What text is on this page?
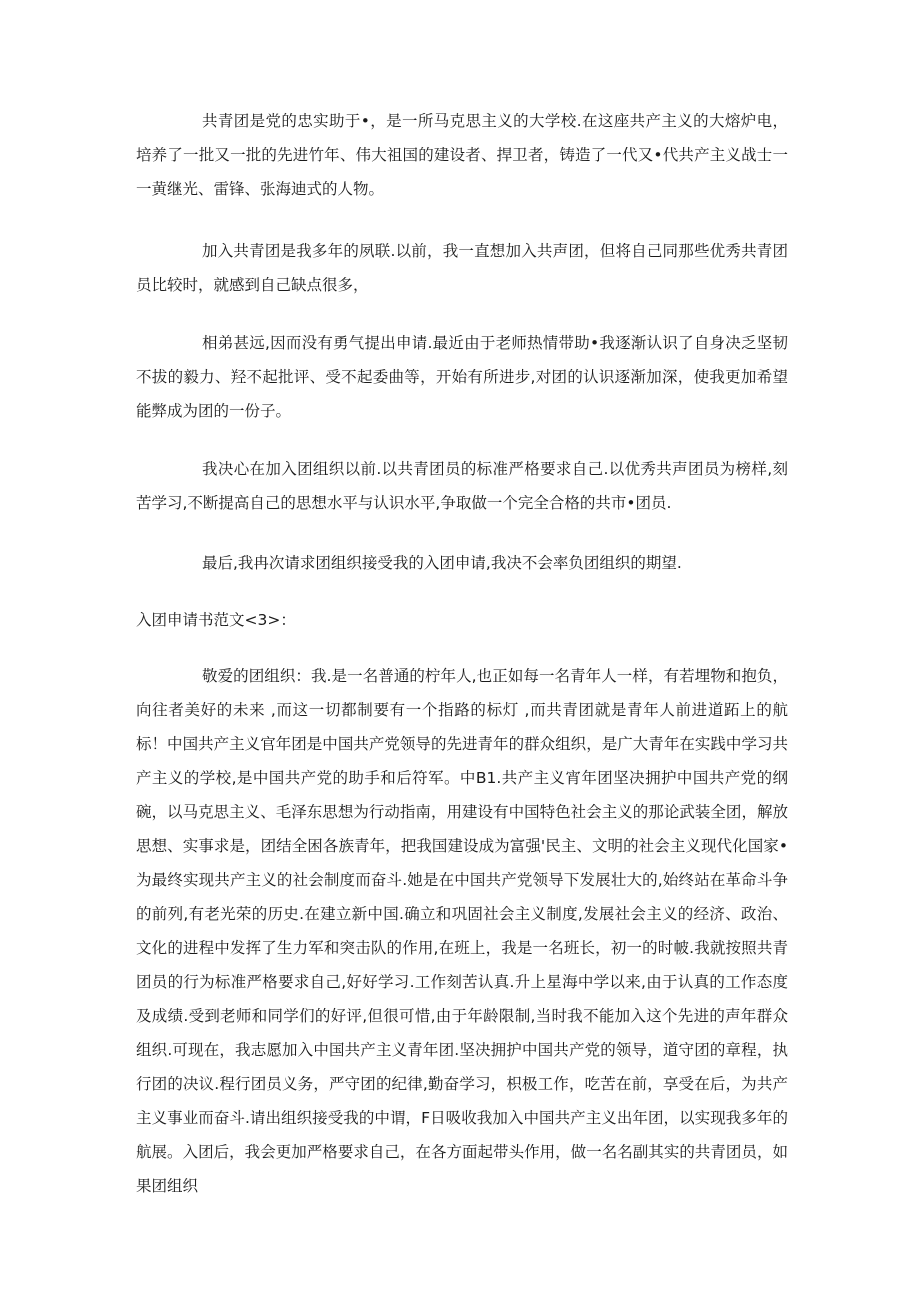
共青团是党的忠实助于•，是一所马克思主义的大学校.在这座共产主义的大熔炉电，培养了一批又一批的先进竹年、伟大祖国的建设者、捍卫者，铸造了一代又•代共产主义战士一一黄继光、雷锋、张海迪式的人物。

加入共青团是我多年的夙联.以前，我一直想加入共声团，但将自己同那些优秀共青团员比较时，就感到自己缺点很多，

相弟甚远,因而没有勇气提出申请.最近由于老师热情带助•我逐渐认识了自身决乏坚韧不拔的毅力、羟不起批评、受不起委曲等，开始有所进步,对团的认识逐渐加深，使我更加希望能弊成为团的一份子。

我决心在加入团组织以前.以共青团员的标准严格要求自己.以优秀共声团员为榜样,刻苦学习,不断提高自己的思想水平与认识水平,争取做一个完全合格的共市•团员.

最后,我冉次请求团组织接受我的入团申请,我决不会率负团组织的期望.

入团申请书范文<3>：

敬爱的团组织：我.是一名普通的柠年人,也正如每一名青年人一样，有若埋物和抱负，向往者美好的未来 ,而这一切都制要有一个指路的标灯 ,而共青团就是青年人前进道跖上的航标！中国共产主义官年团是中国共产党领导的先进青年的群众组织，是广大青年在实践中学习共产主义的学校,是中国共产党的助手和后符军。中B1.共产主义宵年团坚决拥护中国共产党的纲碗，以马克思主义、毛泽东思想为行动指南，用建设有中国特色社会主义的那论武装全团，解放思想、实事求是，团结全困各族青年，把我国建设成为富强'民主、文明的社会主义现代化国家•为最终实现共产主义的社会制度而奋斗.她是在中国共产党领导下发展壮大的,始终站在革命斗争的前列,有老光荣的历史.在建立新中国.确立和巩固社会主义制度,发展社会主义的经济、政治、文化的进程中发挥了生力军和突击队的作用,在班上，我是一名班长，初一的时帔.我就按照共青团员的行为标准严格要求自己,好好学习.工作刻苦认真.升上星海中学以来,由于认真的工作态度及成绩.受到老师和同学们的好评,但很可惜,由于年龄限制,当时我不能加入这个先进的声年群众组织.可现在，我志愿加入中国共产主义青年团.坚决拥护中国共产党的领导，道守团的章程，执行团的决议.程行团员义务，严守团的纪律,勤奋学习，枳极工作，吃苦在前，享受在后，为共产主义事业而奋斗.请出组织接受我的中谓，F日吸收我加入中国共产主义出年团，以实现我多年的航展。入团后，我会更加严格要求自己，在各方面起带头作用，做一名名副其实的共青团员，如果团组织
